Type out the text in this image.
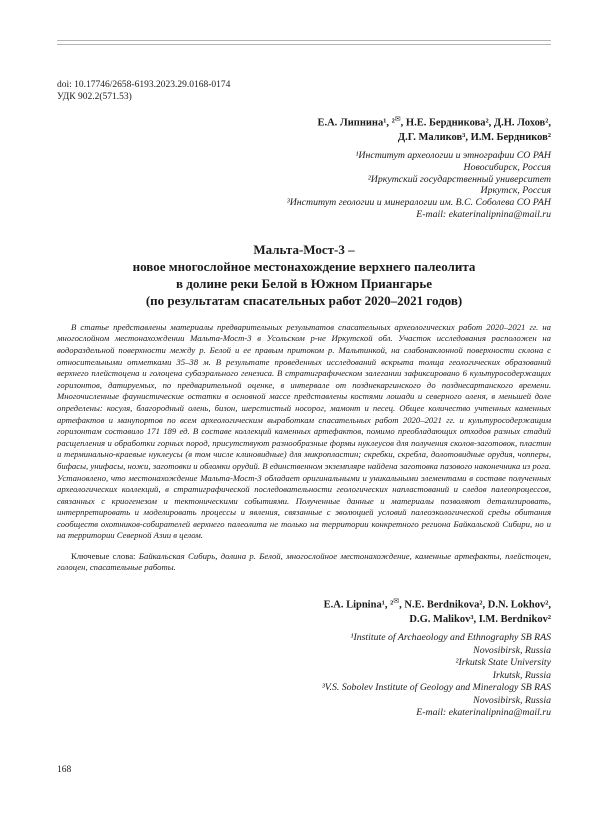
doi: 10.17746/2658-6193.2023.29.0168-0174
УДК 902.2(571.53)
Е.А. Липнина¹, ²✉, Н.Е. Бердникова², Д.Н. Лохов²,
Д.Г. Маликов³, И.М. Бердников²
¹Институт археологии и этнографии СО РАН
Новосибирск, Россия
²Иркутский государственный университет
Иркутск, Россия
³Институт геологии и минералогии им. В.С. Соболева СО РАН
E-mail: ekaterinalipnina@mail.ru
Мальта-Мост-3 –
новое многослойное местонахождение верхнего палеолита
в долине реки Белой в Южном Приангарье
(по результатам спасательных работ 2020–2021 годов)

В статье представлены материалы предварительных результатов спасательных археологических работ 2020–2021 гг. на многослойном местонахождении Мальта-Мост-3 в Усольском р-не Иркутской обл. Участок исследования расположен на водораздельной поверхности между р. Белой и ее правым притоком р. Мальтинкой, на слабонаклонной поверхности склона с относительными отметками 35–38 м. В результате проведенных исследований вскрыта толща геологических образований верхнего плейстоцена и голоцена субаэрального генезиса. В стратиграфическом залегании зафиксировано 6 культуросодержащих горизонтов, датируемых, по предварительной оценке, в интервале от позднекаргинского до позднесартанского времени. Многочисленные фаунистические остатки в основной массе представлены костями лошади и северного оленя, в меньшей доле определены: косуля, благородный олень, бизон, шерстистый носорог, мамонт и песец. Общее количество учтенных каменных артефактов и манупортов по всем археологическим выработкам спасательных работ 2020–2021 гг. и культуросодержащим горизонтам составило 171 189 ед. В составе коллекций каменных артефактов, помимо преобладающих отходов разных стадий расщепления и обработки горных пород, присутствуют разнообразные формы нуклеусов для получения сколов-заготовок, пластин и терминально-краевые нуклеусы (в том числе клиновидные) для микропластин; скребки, скребла, долотовидные орудия, чопперы, бифасы, унифасы, ножи, заготовки и обломки орудий. В единственном экземпляре найдена заготовка пазового наконечника из рога. Установлено, что местонахождение Мальта-Мост-3 обладает оригинальными и уникальными элементами в составе полученных археологических коллекций, в стратиграфической последовательности геологических напластований и следов палеопроцессов, связанных с криогенезом и тектоническими событиями. Полученные данные и материалы позволяют детализировать, интерпретировать и моделировать процессы и явления, связанные с эволюцией условий палеоэкологической среды обитания сообществ охотников-собирателей верхнего палеолита не только на территории конкретного региона Байкальской Сибири, но и на территории Северной Азии в целом.

Ключевые слова: Байкальская Сибирь, долина р. Белой, многослойное местонахождение, каменные артефакты, плейстоцен, голоцен, спасательные работы.

E.A. Lipnina¹, ²✉, N.E. Berdnikova², D.N. Lokhov²,
D.G. Malikov³, I.M. Berdnikov²
¹Institute of Archaeology and Ethnography SB RAS
Novosibirsk, Russia
²Irkutsk State University
Irkutsk, Russia
³V.S. Sobolev Institute of Geology and Mineralogy SB RAS
Novosibirsk, Russia
E-mail: ekaterinalipnina@mail.ru
168
